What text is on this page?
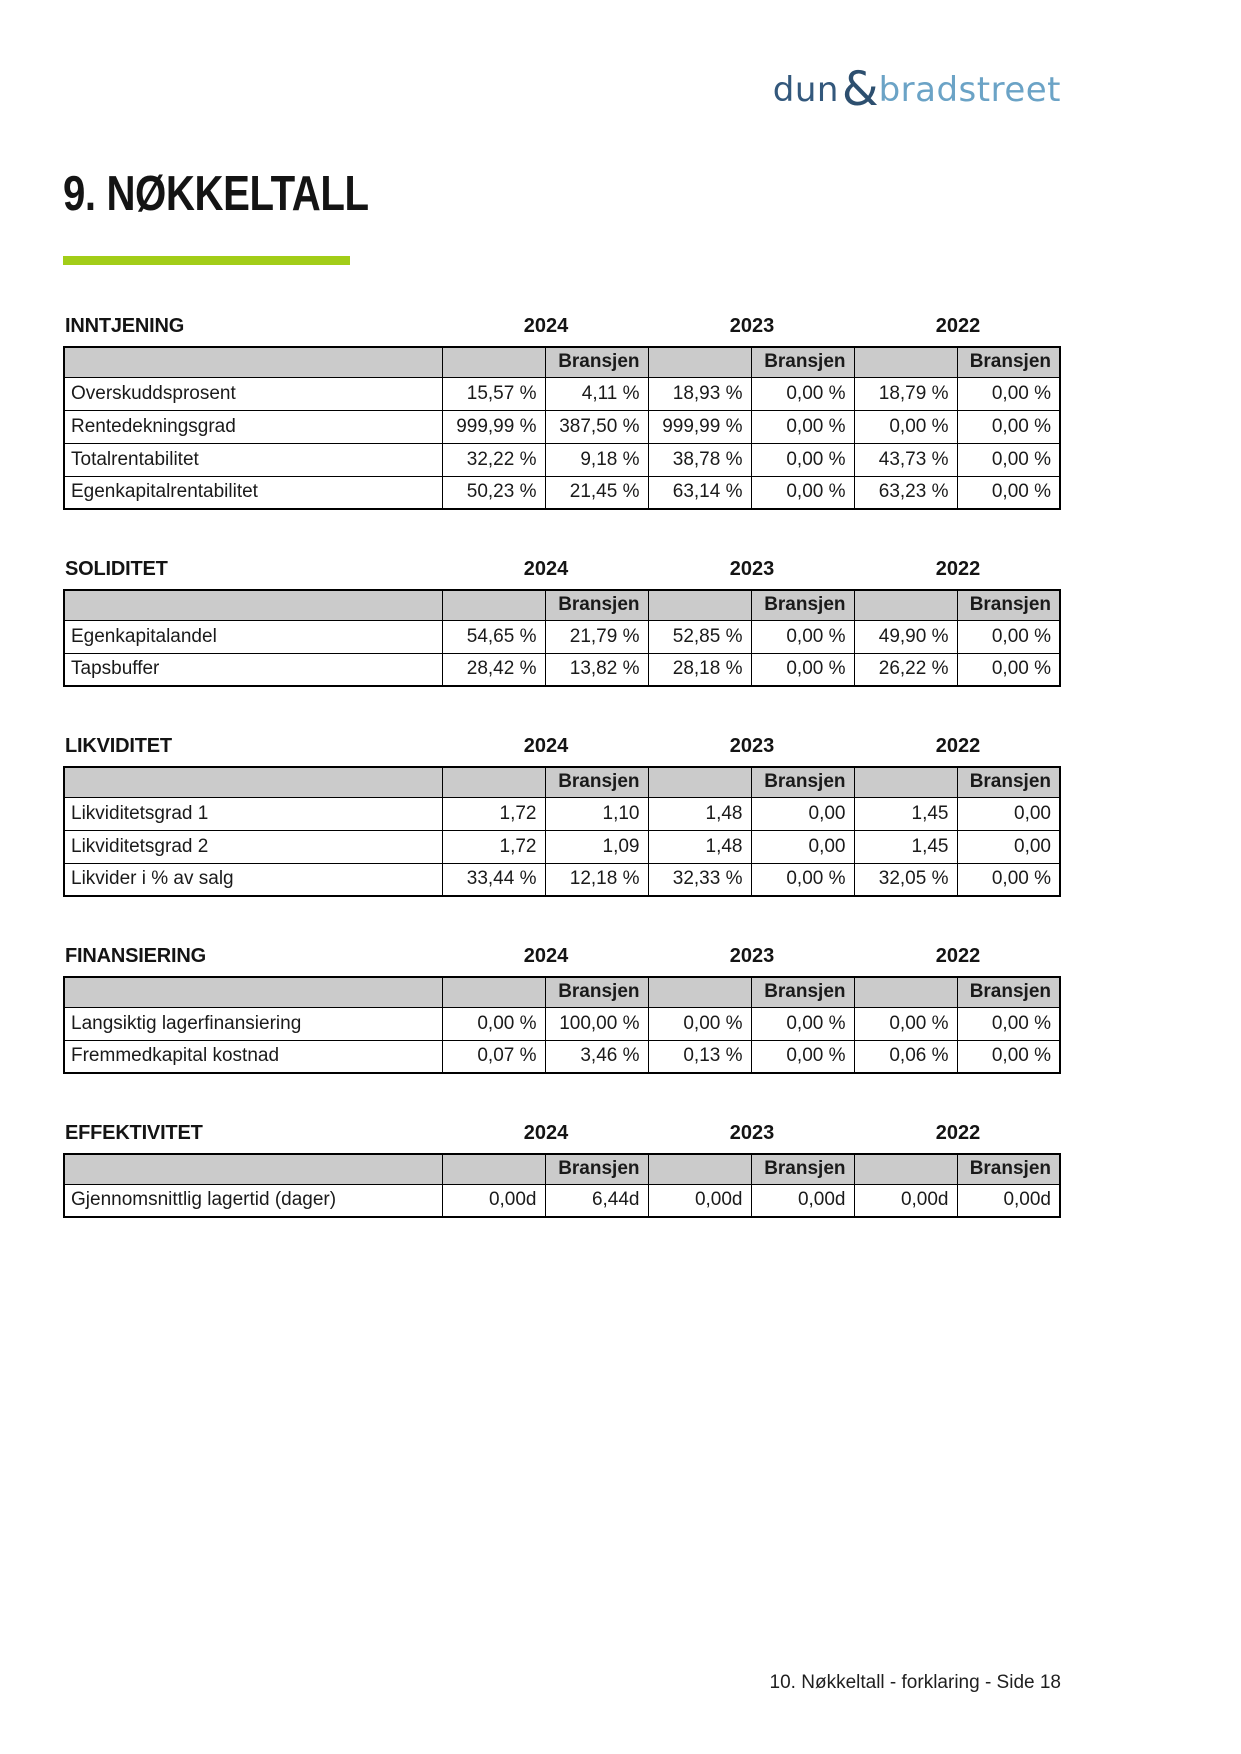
dun & bradstreet
9. NØKKELTALL
INNTJENING	2024	2023	2022
		Bransjen		Bransjen		Bransjen
Overskuddsprosent	15,57 %	4,11 %	18,93 %	0,00 %	18,79 %	0,00 %
Rentedekningsgrad	999,99 %	387,50 %	999,99 %	0,00 %	0,00 %	0,00 %
Totalrentabilitet	32,22 %	9,18 %	38,78 %	0,00 %	43,73 %	0,00 %
Egenkapitalrentabilitet	50,23 %	21,45 %	63,14 %	0,00 %	63,23 %	0,00 %
SOLIDITET	2024	2023	2022
		Bransjen		Bransjen		Bransjen
Egenkapitalandel	54,65 %	21,79 %	52,85 %	0,00 %	49,90 %	0,00 %
Tapsbuffer	28,42 %	13,82 %	28,18 %	0,00 %	26,22 %	0,00 %
LIKVIDITET	2024	2023	2022
		Bransjen		Bransjen		Bransjen
Likviditetsgrad 1	1,72	1,10	1,48	0,00	1,45	0,00
Likviditetsgrad 2	1,72	1,09	1,48	0,00	1,45	0,00
Likvider i % av salg	33,44 %	12,18 %	32,33 %	0,00 %	32,05 %	0,00 %
FINANSIERING	2024	2023	2022
		Bransjen		Bransjen		Bransjen
Langsiktig lagerfinansiering	0,00 %	100,00 %	0,00 %	0,00 %	0,00 %	0,00 %
Fremmedkapital kostnad	0,07 %	3,46 %	0,13 %	0,00 %	0,06 %	0,00 %
EFFEKTIVITET	2024	2023	2022
		Bransjen		Bransjen		Bransjen
Gjennomsnittlig lagertid (dager)	0,00d	6,44d	0,00d	0,00d	0,00d	0,00d
10. Nøkkeltall - forklaring - Side 18
